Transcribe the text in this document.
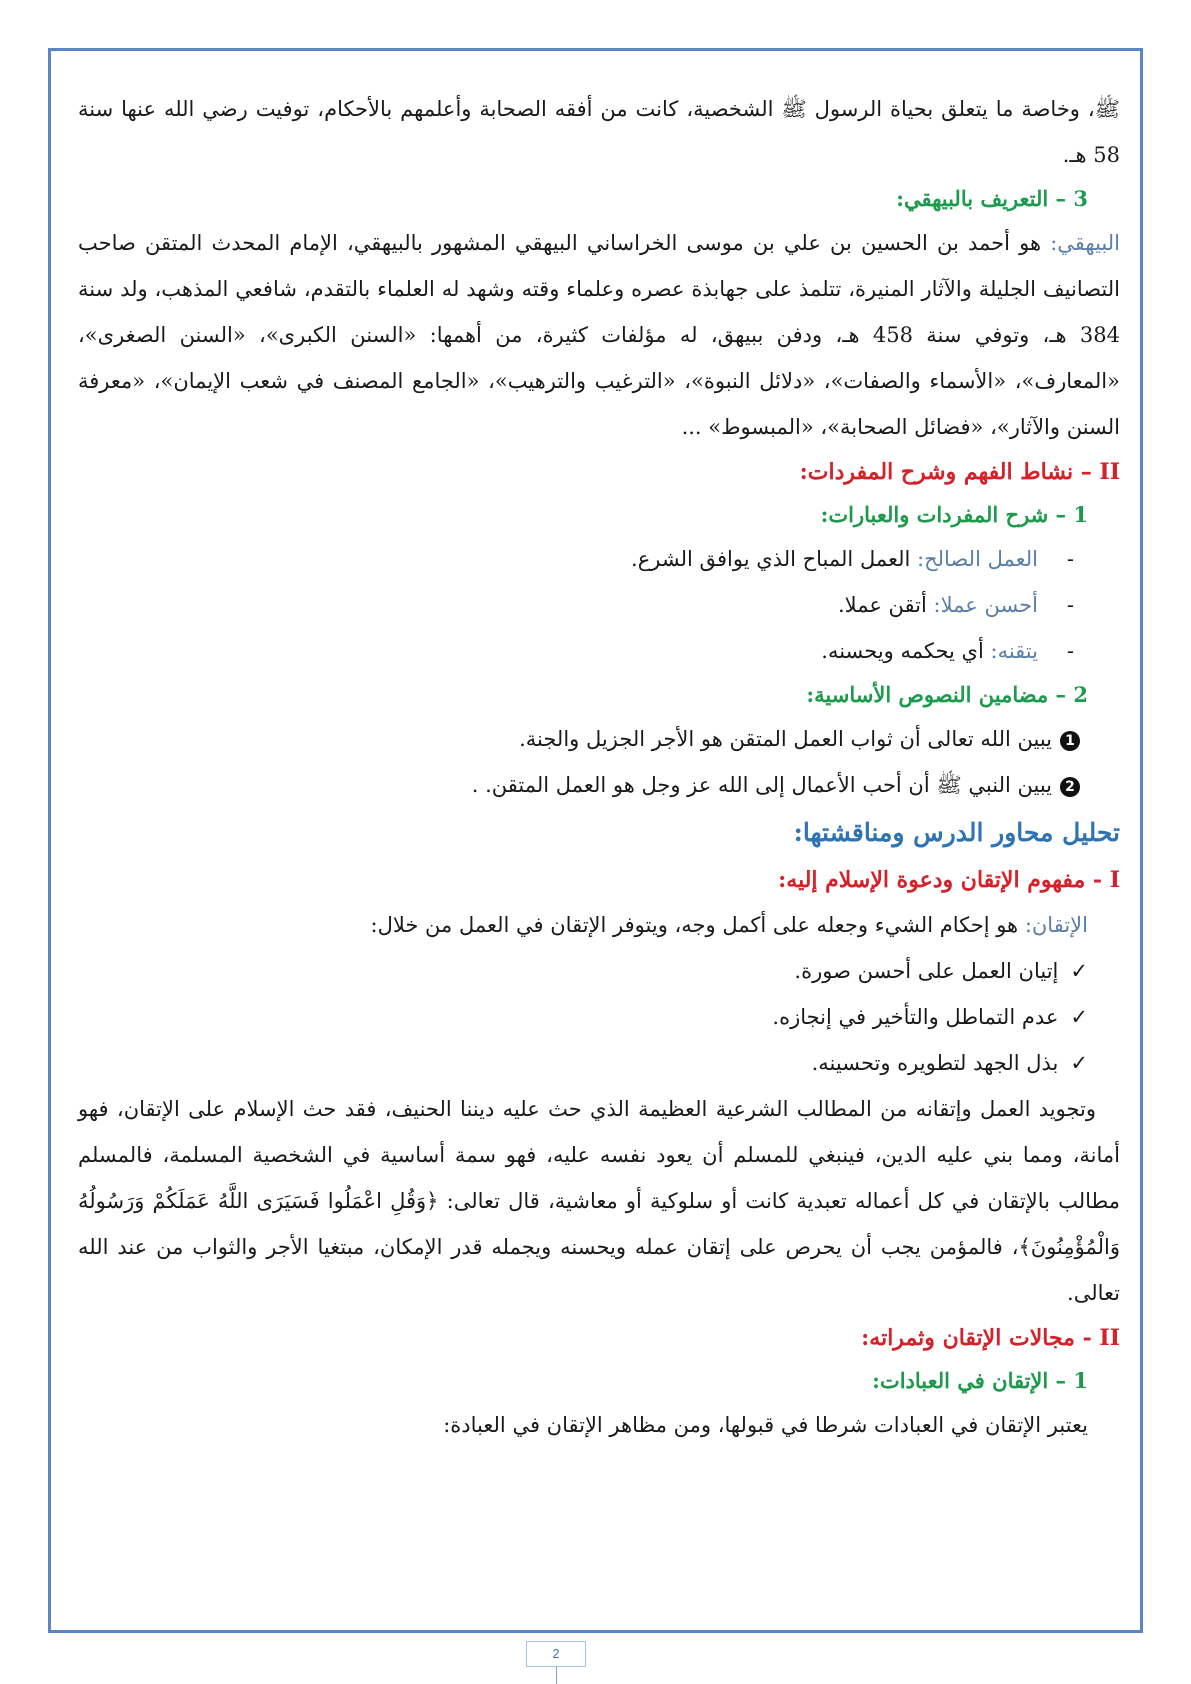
ﷺ، وخاصة ما يتعلق بحياة الرسول ﷺ الشخصية، كانت من أفقه الصحابة وأعلمهم بالأحكام، توفيت رضي الله عنها سنة 58 هـ.

3 – التعريف بالبيهقي:

البيهقي: هو أحمد بن الحسين بن علي بن موسى الخراساني البيهقي المشهور بالبيهقي، الإمام المحدث المتقن صاحب التصانيف الجليلة والآثار المنيرة، تتلمذ على جهابذة عصره وعلماء وقته وشهد له العلماء بالتقدم، شافعي المذهب، ولد سنة 384 هـ، وتوفي سنة 458 هـ، ودفن ببيهق، له مؤلفات كثيرة، من أهمها: «السنن الكبرى»، «السنن الصغرى»، «المعارف»، «الأسماء والصفات»، «دلائل النبوة»، «الترغيب والترهيب»، «الجامع المصنف في شعب الإيمان»، «معرفة السنن والآثار»، «فضائل الصحابة»، «المبسوط» ...

II – نشاط الفهم وشرح المفردات:

1 – شرح المفردات والعبارات:

-
العمل الصالح: العمل المباح الذي يوافق الشرع.
-
أحسن عملا: أتقن عملا.
-
يتقنه: أي يحكمه ويحسنه.

2 – مضامين النصوص الأساسية:

1يبين الله تعالى أن ثواب العمل المتقن هو الأجر الجزيل والجنة.
2يبين النبي ﷺ أن أحب الأعمال إلى الله عز وجل هو العمل المتقن. .

تحليل محاور الدرس ومناقشتها:

I - مفهوم الإتقان ودعوة الإسلام إليه:

الإتقان: هو إحكام الشيء وجعله على أكمل وجه، ويتوفر الإتقان في العمل من خلال:

✓إتيان العمل على أحسن صورة.
✓عدم التماطل والتأخير في إنجازه.
✓بذل الجهد لتطويره وتحسينه.

وتجويد العمل وإتقانه من المطالب الشرعية العظيمة الذي حث عليه ديننا الحنيف، فقد حث الإسلام على الإتقان، فهو أمانة، ومما بني عليه الدين، فينبغي للمسلم أن يعود نفسه عليه، فهو سمة أساسية في الشخصية المسلمة، فالمسلم مطالب بالإتقان في كل أعماله تعبدية كانت أو سلوكية أو معاشية، قال تعالى: ﴿وَقُلِ اعْمَلُوا فَسَيَرَى اللَّهُ عَمَلَكُمْ وَرَسُولُهُ وَالْمُؤْمِنُونَ﴾، فالمؤمن يجب أن يحرص على إتقان عمله ويحسنه ويجمله قدر الإمكان، مبتغيا الأجر والثواب من عند الله تعالى.

II - مجالات الإتقان وثمراته:

1 – الإتقان في العبادات:

يعتبر الإتقان في العبادات شرطا في قبولها، ومن مظاهر الإتقان في العبادة:

2
